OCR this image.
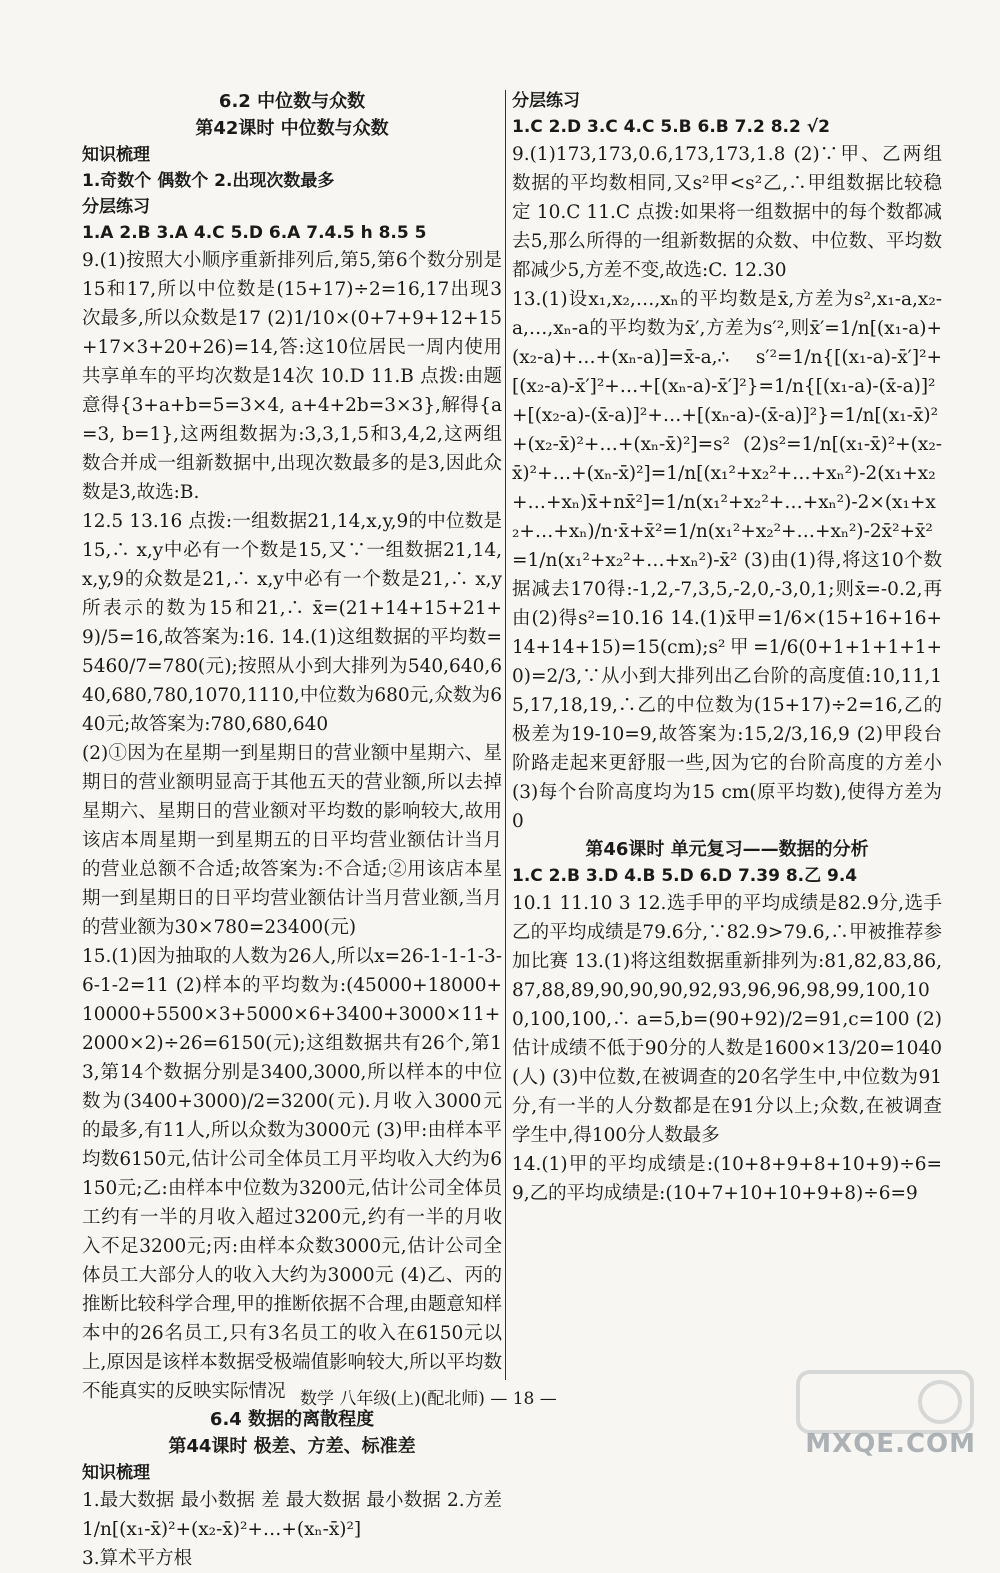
6.2 中位数与众数
第42课时 中位数与众数
知识梳理

1.奇数个 偶数个 2.出现次数最多

分层练习

1.A 2.B 3.A 4.C 5.D 6.A 7.4.5 h 8.5 5

9.(1)按照大小顺序重新排列后,第5,第6个数分别是15和17,所以中位数是(15+17)÷2=16,17出现3次最多,所以众数是17 (2)1/10×(0+7+9+12+15+17×3+20+26)=14,答:这10位居民一周内使用共享单车的平均次数是14次 10.D 11.B 点拨:由题意得{3+a+b=5=3×4, a+4+2b=3×3},解得{a=3, b=1},这两组数据为:3,3,1,5和3,4,2,这两组数合并成一组新数据中,出现次数最多的是3,因此众数是3,故选:B.

12.5 13.16 点拨:一组数据21,14,x,y,9的中位数是15,∴ x,y中必有一个数是15,又∵一组数据21,14,x,y,9的众数是21,∴ x,y中必有一个数是21,∴ x,y所表示的数为15和21,∴ x̄=(21+14+15+21+9)/5=16,故答案为:16. 14.(1)这组数据的平均数=5460/7=780(元);按照从小到大排列为540,640,640,680,780,1070,1110,中位数为680元,众数为640元;故答案为:780,680,640

(2)①因为在星期一到星期日的营业额中星期六、星期日的营业额明显高于其他五天的营业额,所以去掉星期六、星期日的营业额对平均数的影响较大,故用该店本周星期一到星期五的日平均营业额估计当月的营业总额不合适;故答案为:不合适;②用该店本星期一到星期日的日平均营业额估计当月营业额,当月的营业额为30×780=23400(元)

15.(1)因为抽取的人数为26人,所以x=26-1-1-1-3-6-1-2=11 (2)样本的平均数为:(45000+18000+10000+5500×3+5000×6+3400+3000×11+2000×2)÷26=6150(元);这组数据共有26个,第13,第14个数据分别是3400,3000,所以样本的中位数为(3400+3000)/2=3200(元).月收入3000元的最多,有11人,所以众数为3000元 (3)甲:由样本平均数6150元,估计公司全体员工月平均收入大约为6150元;乙:由样本中位数为3200元,估计公司全体员工约有一半的月收入超过3200元,约有一半的月收入不足3200元;丙:由样本众数3000元,估计公司全体员工大部分人的收入大约为3000元 (4)乙、丙的推断比较科学合理,甲的推断依据不合理,由题意知样本中的26名员工,只有3名员工的收入在6150元以上,原因是该样本数据受极端值影响较大,所以平均数不能真实的反映实际情况

6.4 数据的离散程度
第44课时 极差、方差、标准差
知识梳理

1.最大数据 最小数据 差 最大数据 最小数据 2.方差 1/n[(x₁-x̄)²+(x₂-x̄)²+…+(xₙ-x̄)²]

3.算术平方根

分层练习

1.C 2.D 3.C 4.C 5.B 6.B 7.2 8.2 √2

9.(1)173,173,0.6,173,173,1.8 (2)∵甲、乙两组数据的平均数相同,又s²甲<s²乙,∴甲组数据比较稳定 10.C 11.C 点拨:如果将一组数据中的每个数都减去5,那么所得的一组新数据的众数、中位数、平均数都减少5,方差不变,故选:C. 12.30

13.(1)设x₁,x₂,…,xₙ的平均数是x̄,方差为s²,x₁-a,x₂-a,…,xₙ-a的平均数为x̄′,方差为s′²,则x̄′=1/n[(x₁-a)+(x₂-a)+…+(xₙ-a)]=x̄-a,∴ s′²=1/n{[(x₁-a)-x̄′]²+[(x₂-a)-x̄′]²+…+[(xₙ-a)-x̄′]²}=1/n{[(x₁-a)-(x̄-a)]²+[(x₂-a)-(x̄-a)]²+…+[(xₙ-a)-(x̄-a)]²}=1/n[(x₁-x̄)²+(x₂-x̄)²+…+(xₙ-x̄)²]=s² (2)s²=1/n[(x₁-x̄)²+(x₂-x̄)²+…+(xₙ-x̄)²]=1/n[(x₁²+x₂²+…+xₙ²)-2(x₁+x₂+…+xₙ)x̄+nx̄²]=1/n(x₁²+x₂²+…+xₙ²)-2×(x₁+x₂+…+xₙ)/n·x̄+x̄²=1/n(x₁²+x₂²+…+xₙ²)-2x̄²+x̄²=1/n(x₁²+x₂²+…+xₙ²)-x̄² (3)由(1)得,将这10个数据减去170得:-1,2,-7,3,5,-2,0,-3,0,1;则x̄=-0.2,再由(2)得s²=10.16 14.(1)x̄甲=1/6×(15+16+16+14+14+15)=15(cm);s²甲=1/6(0+1+1+1+1+0)=2/3,∵从小到大排列出乙台阶的高度值:10,11,15,17,18,19,∴乙的中位数为(15+17)÷2=16,乙的极差为19-10=9,故答案为:15,2/3,16,9 (2)甲段台阶路走起来更舒服一些,因为它的台阶高度的方差小 (3)每个台阶高度均为15 cm(原平均数),使得方差为0

第46课时 单元复习——数据的分析

1.C 2.B 3.D 4.B 5.D 6.D 7.39 8.乙 9.4

10.1 11.10 3 12.选手甲的平均成绩是82.9分,选手乙的平均成绩是79.6分,∵82.9>79.6,∴甲被推荐参加比赛 13.(1)将这组数据重新排列为:81,82,83,86,87,88,89,90,90,90,92,93,96,96,98,99,100,100,100,100,∴ a=5,b=(90+92)/2=91,c=100 (2)估计成绩不低于90分的人数是1600×13/20=1040(人) (3)中位数,在被调查的20名学生中,中位数为91分,有一半的人分数都是在91分以上;众数,在被调查学生中,得100分人数最多

14.(1)甲的平均成绩是:(10+8+9+8+10+9)÷6=9,乙的平均成绩是:(10+7+10+10+9+8)÷6=9

数学 八年级(上)(配北师) — 18 —
MXQE.COM
